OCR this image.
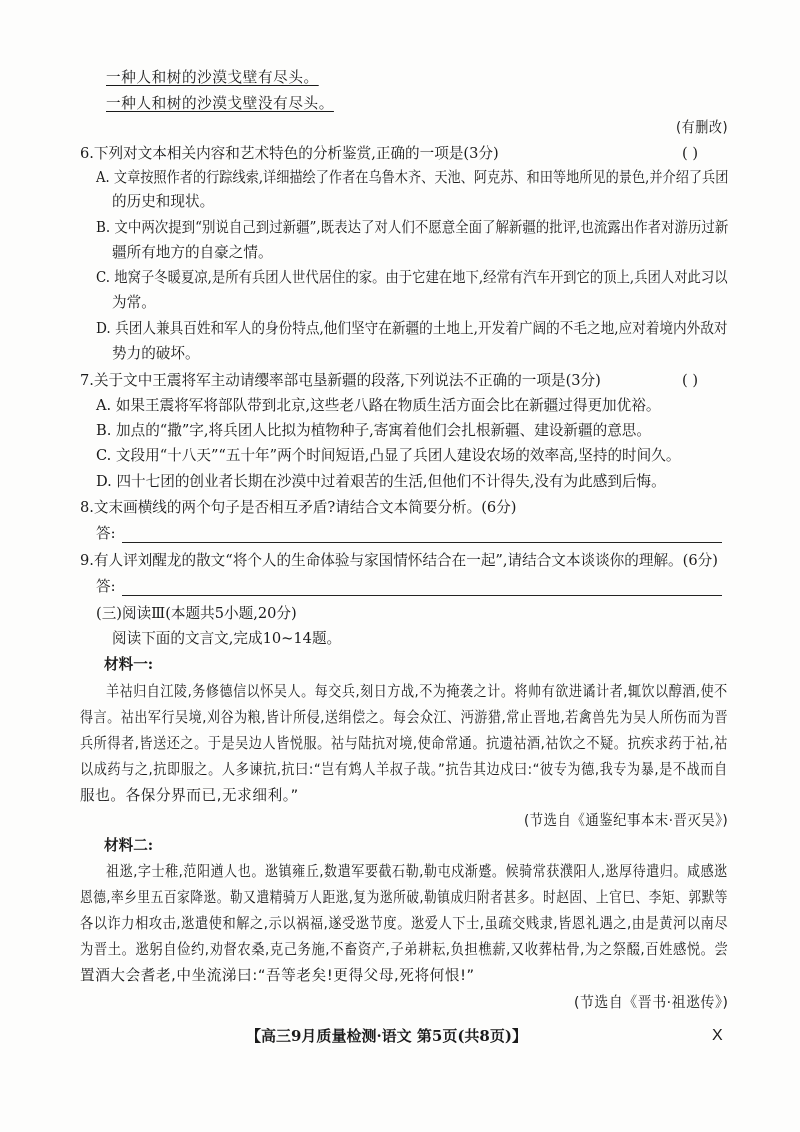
一种人和树的沙漠戈壁有尽头。
一种人和树的沙漠戈壁没有尽头。
(有删改)
6.下列对文本相关内容和艺术特色的分析鉴赏,正确的一项是(3分)	( )
A. 文章按照作者的行踪线索,详细描绘了作者在乌鲁木齐、天池、阿克苏、和田等地所见的景色,并介绍了兵团
的历史和现状。
B. 文中两次提到“别说自己到过新疆”,既表达了对人们不愿意全面了解新疆的批评,也流露出作者对游历过新
疆所有地方的自豪之情。
C. 地窝子冬暖夏凉,是所有兵团人世代居住的家。由于它建在地下,经常有汽车开到它的顶上,兵团人对此习以
为常。
D. 兵团人兼具百姓和军人的身份特点,他们坚守在新疆的土地上,开发着广阔的不毛之地,应对着境内外敌对
势力的破坏。
7.关于文中王震将军主动请缨率部屯垦新疆的段落,下列说法不正确的一项是(3分)	( )
A. 如果王震将军将部队带到北京,这些老八路在物质生活方面会比在新疆过得更加优裕。
B. 加点的“撒”字,将兵团人比拟为植物种子,寄寓着他们会扎根新疆、建设新疆的意思。
C. 文段用“十八天”“五十年”两个时间短语,凸显了兵团人建设农场的效率高,坚持的时间久。
D. 四十七团的创业者长期在沙漠中过着艰苦的生活,但他们不计得失,没有为此感到后悔。
8.文末画横线的两个句子是否相互矛盾?请结合文本简要分析。(6分)
答:
9.有人评刘醒龙的散文“将个人的生命体验与家国情怀结合在一起”,请结合文本谈谈你的理解。(6分)
答:
(三)阅读Ⅲ(本题共5小题,20分)
阅读下面的文言文,完成10~14题。
材料一:
羊祜归自江陵,务修德信以怀吴人。每交兵,刻日方战,不为掩袭之计。将帅有欲进谲计者,辄饮以醇酒,使不
得言。祜出军行吴境,刈谷为粮,皆计所侵,送绢偿之。每会众江、沔游猎,常止晋地,若禽兽先为吴人所伤而为晋
兵所得者,皆送还之。于是吴边人皆悦服。祜与陆抗对境,使命常通。抗遗祜酒,祜饮之不疑。抗疾求药于祜,祜
以成药与之,抗即服之。人多谏抗,抗曰:“岂有鸩人羊叔子哉。”抗告其边戍曰:“彼专为德,我专为暴,是不战而自
服也。各保分界而已,无求细利。”
(节选自《通鉴纪事本末·晋灭吴》)
材料二:
祖逖,字士稚,范阳遒人也。逖镇雍丘,数遣军要截石勒,勒屯戍渐蹙。候骑常获濮阳人,逖厚待遣归。咸感逖
恩德,率乡里五百家降逖。勒又遣精骑万人距逖,复为逖所破,勒镇成归附者甚多。时赵固、上官巳、李矩、郭默等
各以诈力相攻击,逖遣使和解之,示以祸福,遂受逖节度。逖爱人下士,虽疏交贱隶,皆恩礼遇之,由是黄河以南尽
为晋土。逖躬自俭约,劝督农桑,克己务施,不畜资产,子弟耕耘,负担樵薪,又收葬枯骨,为之祭醊,百姓感悦。尝
置酒大会耆老,中坐流涕曰:“吾等老矣!更得父母,死将何恨!”
(节选自《晋书·祖逖传》)
【高三9月质量检测·语文 第5页(共8页)】	X
